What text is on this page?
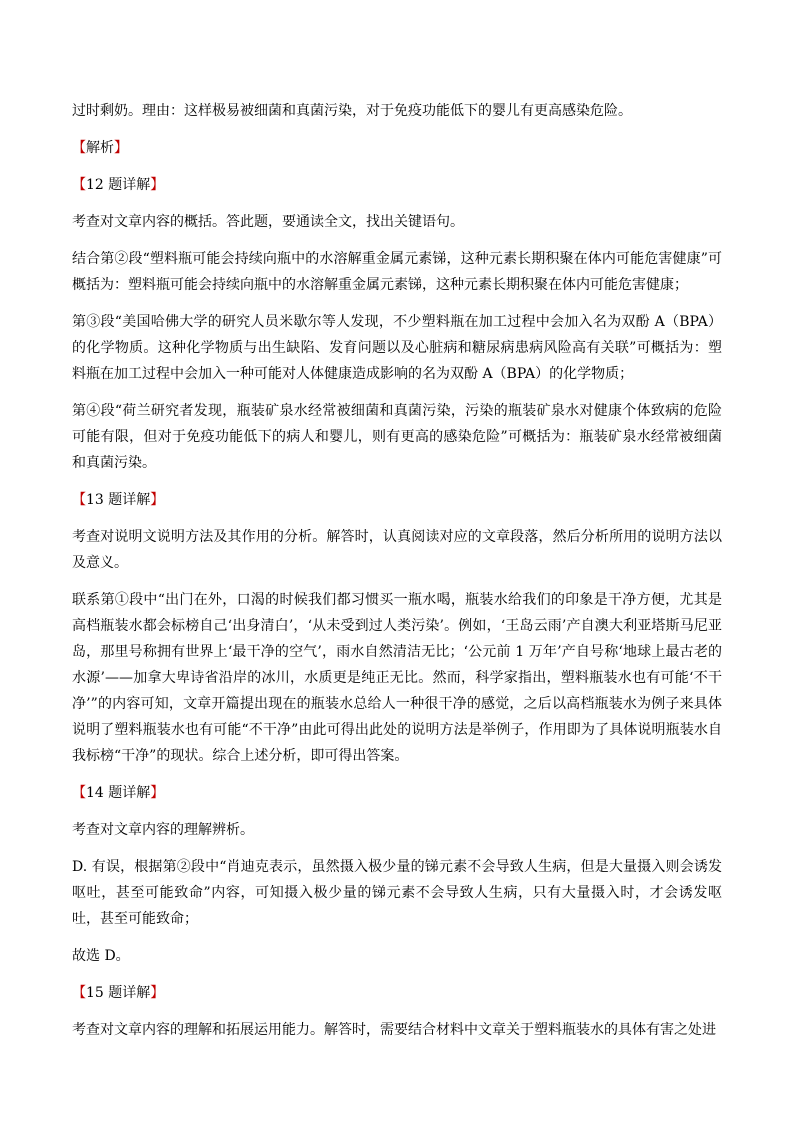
过时剩奶。理由：这样极易被细菌和真菌污染，对于免疫功能低下的婴儿有更高感染危险。

【解析】
【12 题详解】

考查对文章内容的概括。答此题，要通读全文，找出关键语句。

结合第②段“塑料瓶可能会持续向瓶中的水溶解重金属元素锑，这种元素长期积聚在体内可能危害健康”可概括为：塑料瓶可能会持续向瓶中的水溶解重金属元素锑，这种元素长期积聚在体内可能危害健康；

第③段“美国哈佛大学的研究人员米歇尔等人发现，不少塑料瓶在加工过程中会加入名为双酚 A（BPA）的化学物质。这种化学物质与出生缺陷、发育问题以及心脏病和糖尿病患病风险高有关联”可概括为：塑料瓶在加工过程中会加入一种可能对人体健康造成影响的名为双酚 A（BPA）的化学物质；

第④段“荷兰研究者发现，瓶装矿泉水经常被细菌和真菌污染，污染的瓶装矿泉水对健康个体致病的危险可能有限，但对于免疫功能低下的病人和婴儿，则有更高的感染危险”可概括为：瓶装矿泉水经常被细菌和真菌污染。

【13 题详解】

考查对说明文说明方法及其作用的分析。解答时，认真阅读对应的文章段落，然后分析所用的说明方法以及意义。

联系第①段中“出门在外，口渴的时候我们都习惯买一瓶水喝，瓶装水给我们的印象是干净方便，尤其是高档瓶装水都会标榜自己‘出身清白’，‘从未受到过人类污染’。例如，‘王岛云雨’产自澳大利亚塔斯马尼亚岛，那里号称拥有世界上‘最干净的空气’，雨水自然清洁无比；‘公元前 1 万年’产自号称‘地球上最古老的水源’——加拿大卑诗省沿岸的冰川，水质更是纯正无比。然而，科学家指出，塑料瓶装水也有可能‘不干净’”的内容可知，文章开篇提出现在的瓶装水总给人一种很干净的感觉，之后以高档瓶装水为例子来具体说明了塑料瓶装水也有可能“不干净”由此可得出此处的说明方法是举例子，作用即为了具体说明瓶装水自我标榜“干净”的现状。综合上述分析，即可得出答案。

【14 题详解】

考查对文章内容的理解辨析。

D. 有误，根据第②段中“肖迪克表示，虽然摄入极少量的锑元素不会导致人生病，但是大量摄入则会诱发呕吐，甚至可能致命”内容，可知摄入极少量的锑元素不会导致人生病，只有大量摄入时，才会诱发呕吐，甚至可能致命；

故选 D。

【15 题详解】

考查对文章内容的理解和拓展运用能力。解答时，需要结合材料中文章关于塑料瓶装水的具体有害之处进
